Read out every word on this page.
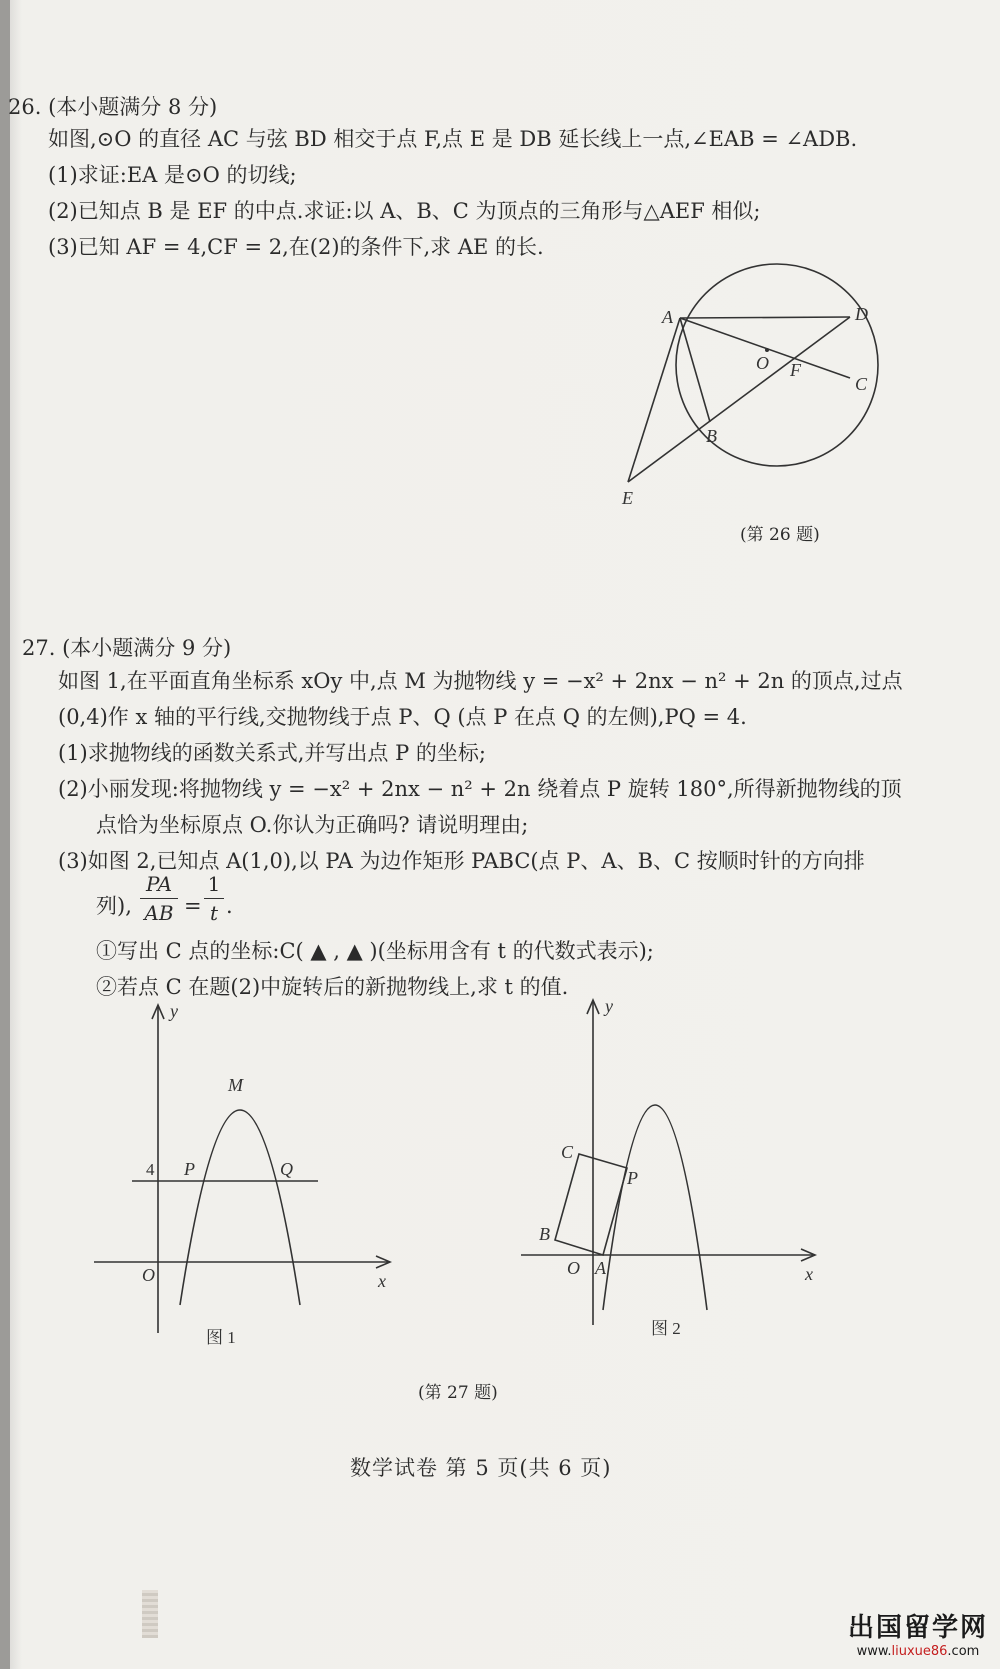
26. (本小题满分 8 分)
如图,⊙O 的直径 AC 与弦 BD 相交于点 F,点 E 是 DB 延长线上一点,∠EAB = ∠ADB.
(1)求证:EA 是⊙O 的切线;
(2)已知点 B 是 EF 的中点.求证:以 A、B、C 为顶点的三角形与△AEF 相似;
(3)已知 AF = 4,CF = 2,在(2)的条件下,求 AE 的长.
A	D
O F
C
B
E
(第 26 题)
27. (本小题满分 9 分)
如图 1,在平面直角坐标系 xOy 中,点 M 为抛物线 y = −x² + 2nx − n² + 2n 的顶点,过点
(0,4)作 x 轴的平行线,交抛物线于点 P、Q (点 P 在点 Q 的左侧),PQ = 4.
(1)求抛物线的函数关系式,并写出点 P 的坐标;
(2)小丽发现:将抛物线 y = −x² + 2nx − n² + 2n 绕着点 P 旋转 180°,所得新抛物线的顶
点恰为坐标原点 O.你认为正确吗? 请说明理由;
(3)如图 2,已知点 A(1,0),以 PA 为边作矩形 PABC(点 P、A、B、C 按顺时针的方向排
列),
PA
AB =
1
t .
①写出 C 点的坐标:C( ▲ , ▲ )(坐标用含有 t 的代数式表示);
②若点 C 在题(2)中旋转后的新抛物线上,求 t 的值.
y
x
M
4 P	Q
O
图 1
y
x
C
P
B
O A
图 2
(第 27 题)
数学试卷 第 5 页(共 6 页)
出国留学网
www.liuxue86.com
